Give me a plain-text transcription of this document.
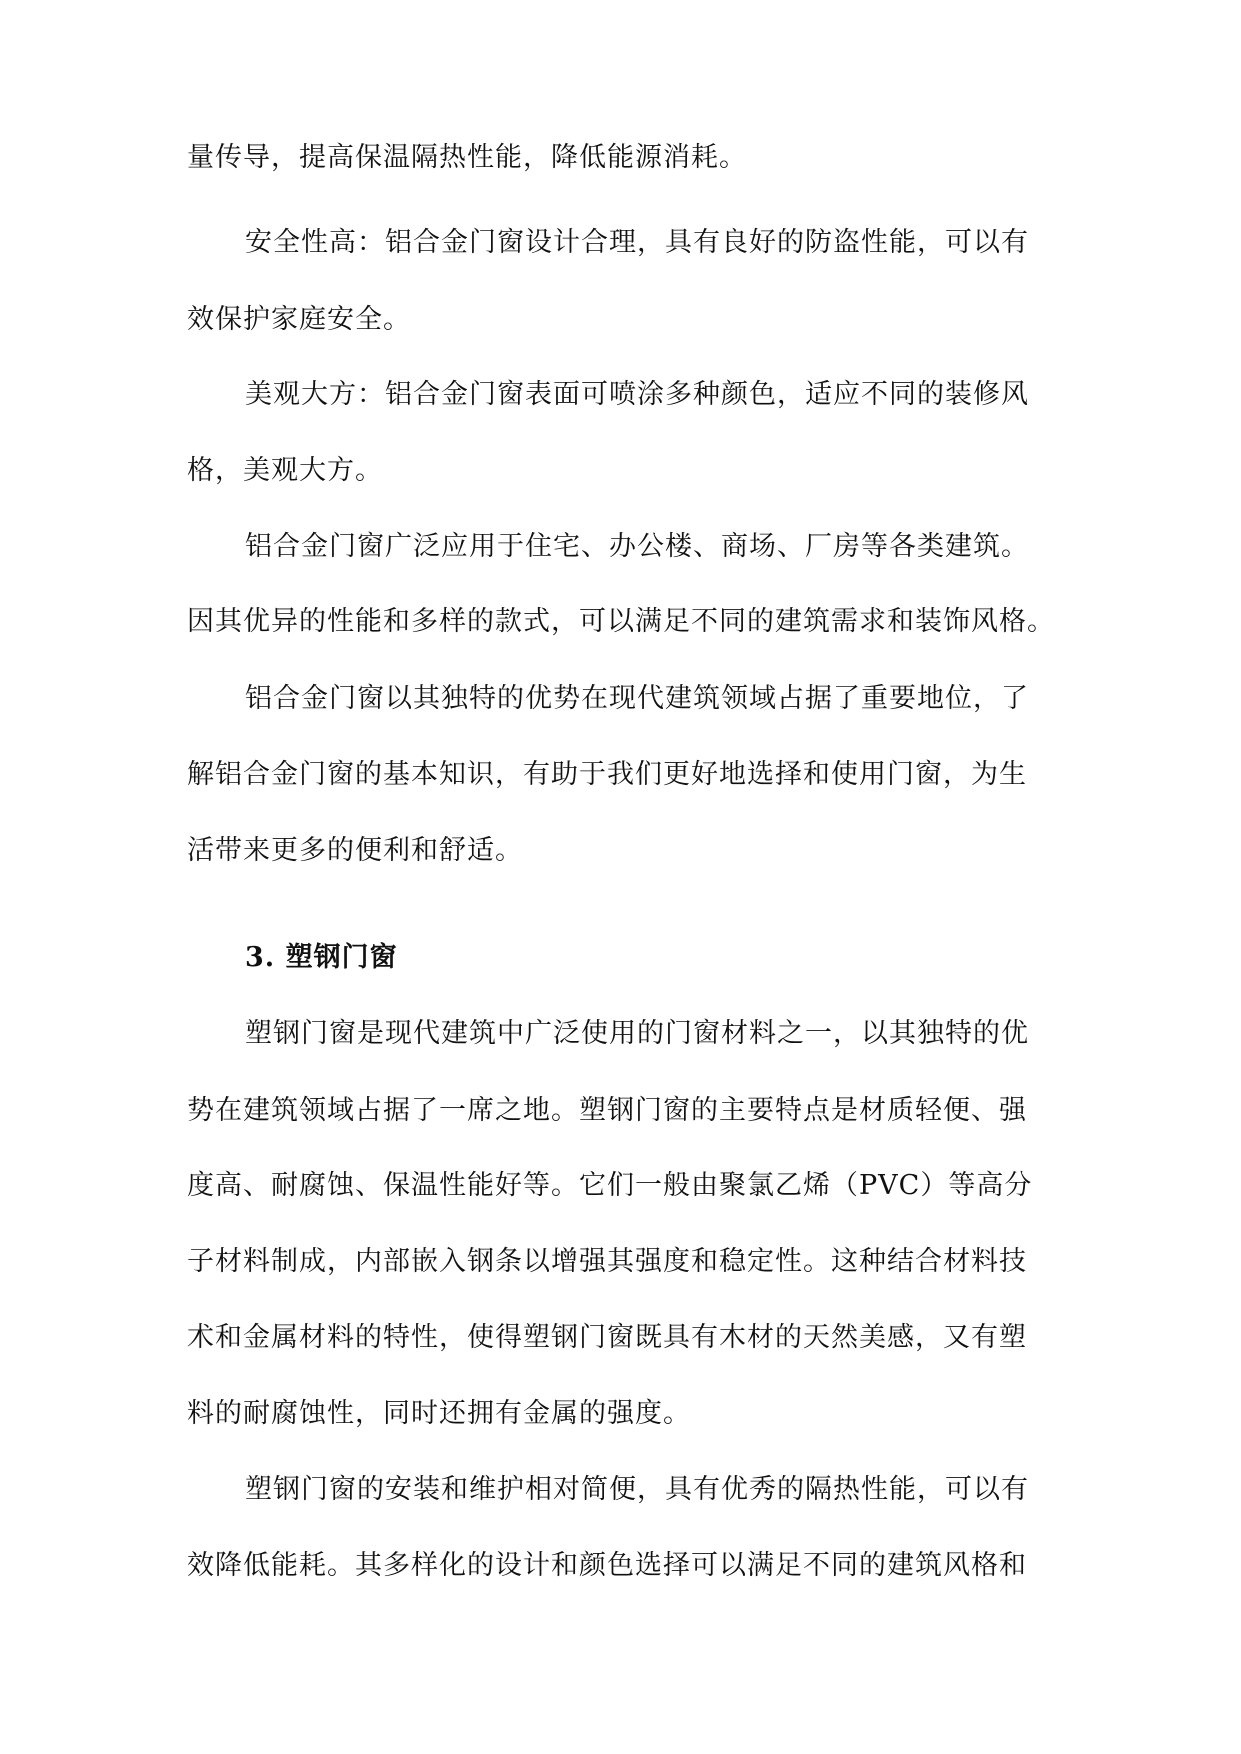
量传导，提高保温隔热性能，降低能源消耗。
安全性高：铝合金门窗设计合理，具有良好的防盗性能，可以有
效保护家庭安全。
美观大方：铝合金门窗表面可喷涂多种颜色，适应不同的装修风
格，美观大方。
铝合金门窗广泛应用于住宅、办公楼、商场、厂房等各类建筑。
因其优异的性能和多样的款式，可以满足不同的建筑需求和装饰风格。
铝合金门窗以其独特的优势在现代建筑领域占据了重要地位，了
解铝合金门窗的基本知识，有助于我们更好地选择和使用门窗，为生
活带来更多的便利和舒适。
3. 塑钢门窗
塑钢门窗是现代建筑中广泛使用的门窗材料之一，以其独特的优
势在建筑领域占据了一席之地。塑钢门窗的主要特点是材质轻便、强
度高、耐腐蚀、保温性能好等。它们一般由聚氯乙烯（PVC）等高分
子材料制成，内部嵌入钢条以增强其强度和稳定性。这种结合材料技
术和金属材料的特性，使得塑钢门窗既具有木材的天然美感，又有塑
料的耐腐蚀性，同时还拥有金属的强度。
塑钢门窗的安装和维护相对简便，具有优秀的隔热性能，可以有
效降低能耗。其多样化的设计和颜色选择可以满足不同的建筑风格和
